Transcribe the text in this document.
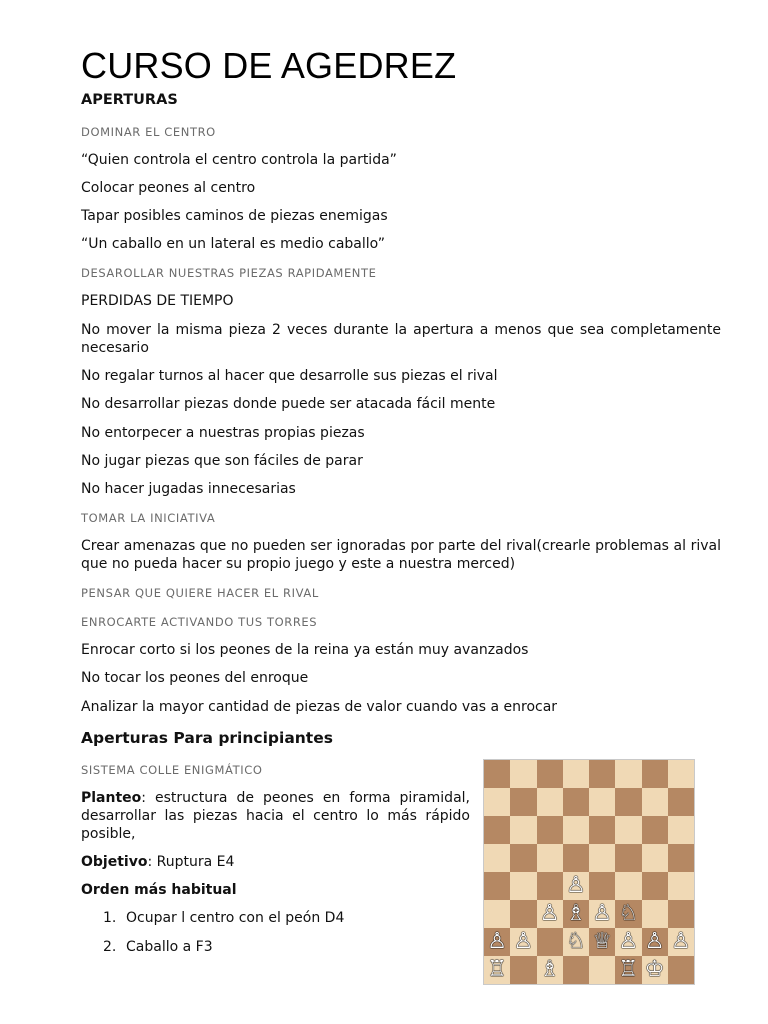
CURSO DE AGEDREZ
APERTURAS
DOMINAR EL CENTRO

“Quien controla el centro controla la partida”

Colocar peones al centro

Tapar posibles caminos de piezas enemigas

“Un caballo en un lateral es medio caballo”

DESAROLLAR NUESTRAS PIEZAS RAPIDAMENTE

PERDIDAS DE TIEMPO

No mover la misma pieza 2 veces durante la apertura a menos que sea completamente necesario

No regalar turnos al hacer que desarrolle sus piezas el rival

No desarrollar piezas donde puede ser atacada fácil mente

No entorpecer a nuestras propias piezas

No jugar piezas que son fáciles de parar

No hacer jugadas innecesarias

TOMAR LA INICIATIVA

Crear amenazas que no pueden ser ignoradas por parte del rival(crearle problemas al rival que no pueda hacer su propio juego y este a nuestra merced)

PENSAR QUE QUIERE HACER EL RIVAL
ENROCARTE ACTIVANDO TUS TORRES

Enrocar corto si los peones de la reina ya están muy avanzados

No tocar los peones del enroque

Analizar la mayor cantidad de piezas de valor cuando vas a enrocar

Aperturas Para principiantes
SISTEMA COLLE ENIGMÁTICO

Planteo: estructura de peones en forma piramidal, desarrollar las piezas hacia el centro lo más rápido posible,

Objetivo: Ruptura E4

Orden más habitual

1. Ocupar l centro con el peón D4
2. Caballo a F3
♙
♙ ♗ ♙ ♘
♙ ♙ ♘ ♕ ♙ ♙ ♙
♖ ♗	♖ ♔
